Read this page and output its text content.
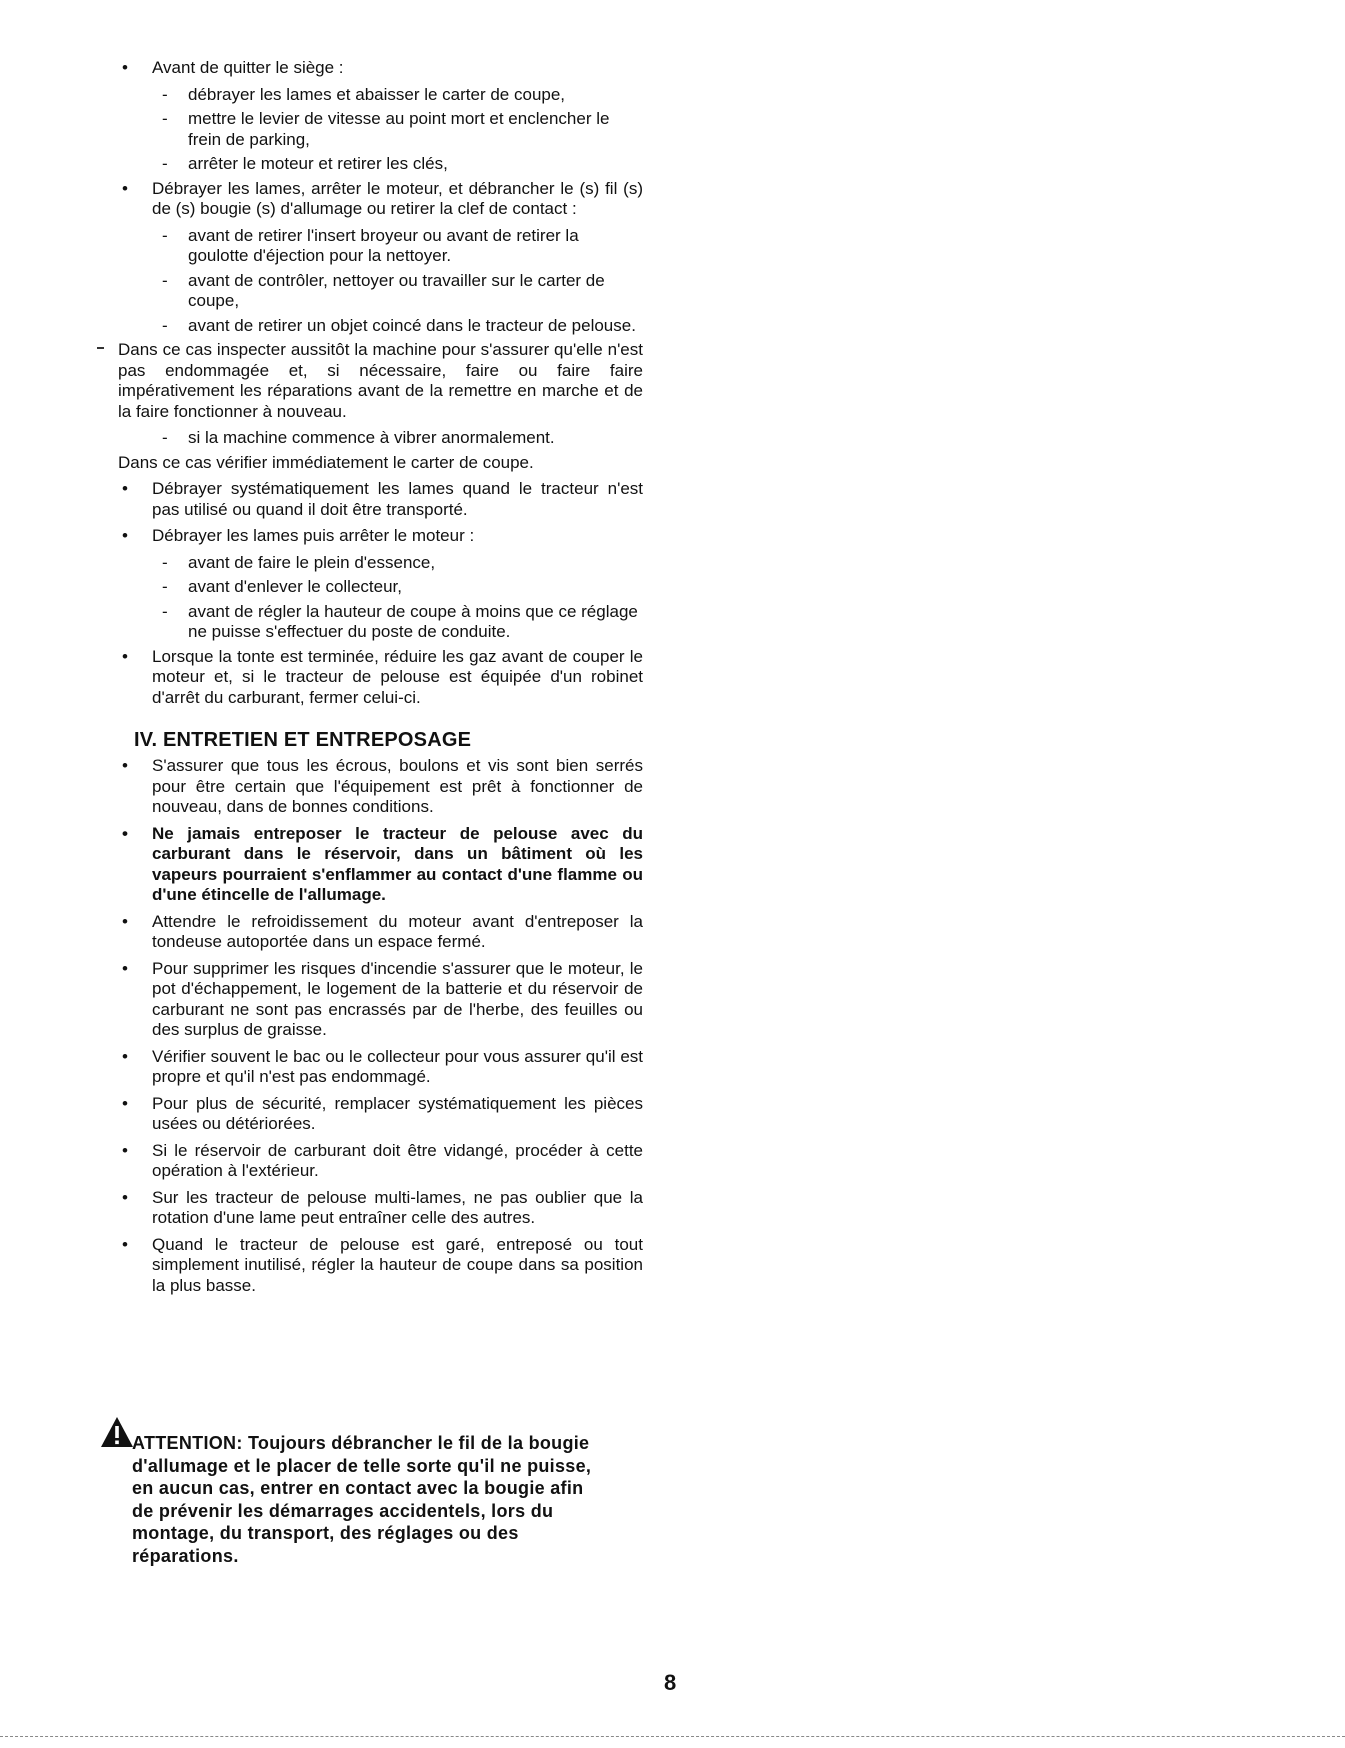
• Avant de quitter le siège :
- débrayer les lames et abaisser le carter de coupe,
- mettre le levier de vitesse au point mort et enclencher le frein de parking,
- arrêter le moteur et retirer les clés,
• Débrayer les lames, arrêter le moteur, et débrancher le (s) fil (s) de (s) bougie (s) d'allumage ou retirer la clef de contact :
- avant de retirer l'insert broyeur ou avant de retirer la goulotte d'éjection pour la nettoyer.
- avant de contrôler, nettoyer ou travailler sur le carter de coupe,
- avant de retirer un objet coincé dans le tracteur de pelouse.
Dans ce cas inspecter aussitôt la machine pour s'assurer qu'elle n'est pas endommagée et, si nécessaire, faire ou faire faire impérativement les réparations avant de la remettre en marche et de la faire fonctionner à nouveau.
- si la machine commence à vibrer anormalement.
Dans ce cas vérifier immédiatement le carter de coupe.
• Débrayer systématiquement les lames quand le tracteur n'est pas utilisé ou quand il doit être transporté.
• Débrayer les lames puis arrêter le moteur :
- avant de faire le plein d'essence,
- avant d'enlever le collecteur,
- avant de régler la hauteur de coupe à moins que ce réglage ne puisse s'effectuer du poste de conduite.
• Lorsque la tonte est terminée, réduire les gaz avant de couper le moteur et, si le tracteur de pelouse est équipée d'un robinet d'arrêt du carburant, fermer celui-ci.
IV. ENTRETIEN ET ENTREPOSAGE
• S'assurer que tous les écrous, boulons et vis sont bien serrés pour être certain que l'équipement est prêt à fonctionner de nouveau, dans de bonnes conditions.
• Ne jamais entreposer le tracteur de pelouse avec du carburant dans le réservoir, dans un bâtiment où les vapeurs pourraient s'enflammer au contact d'une flamme ou d'une étincelle de l'allumage.
• Attendre le refroidissement du moteur avant d'entreposer la tondeuse autoportée dans un espace fermé.
• Pour supprimer les risques d'incendie s'assurer que le moteur, le pot d'échappement, le logement de la batterie et du réservoir de carburant ne sont pas encrassés par de l'herbe, des feuilles ou des surplus de graisse.
• Vérifier souvent le bac ou le collecteur pour vous assurer qu'il est propre et qu'il n'est pas endommagé.
• Pour plus de sécurité, remplacer systématiquement les pièces usées ou détériorées.
• Si le réservoir de carburant doit être vidangé, procéder à cette opération à l'extérieur.
• Sur les tracteur de pelouse multi-lames, ne pas oublier que la rotation d'une lame peut entraîner celle des autres.
• Quand le tracteur de pelouse est garé, entreposé ou tout simplement inutilisé, régler la hauteur de coupe dans sa position la plus basse.
ATTENTION: Toujours débrancher le fil de la bougie d'allumage et le placer de telle sorte qu'il ne puisse, en aucun cas, entrer en contact avec la bougie afin de prévenir les démarrages accidentels, lors du montage, du transport, des réglages ou des réparations.
8
